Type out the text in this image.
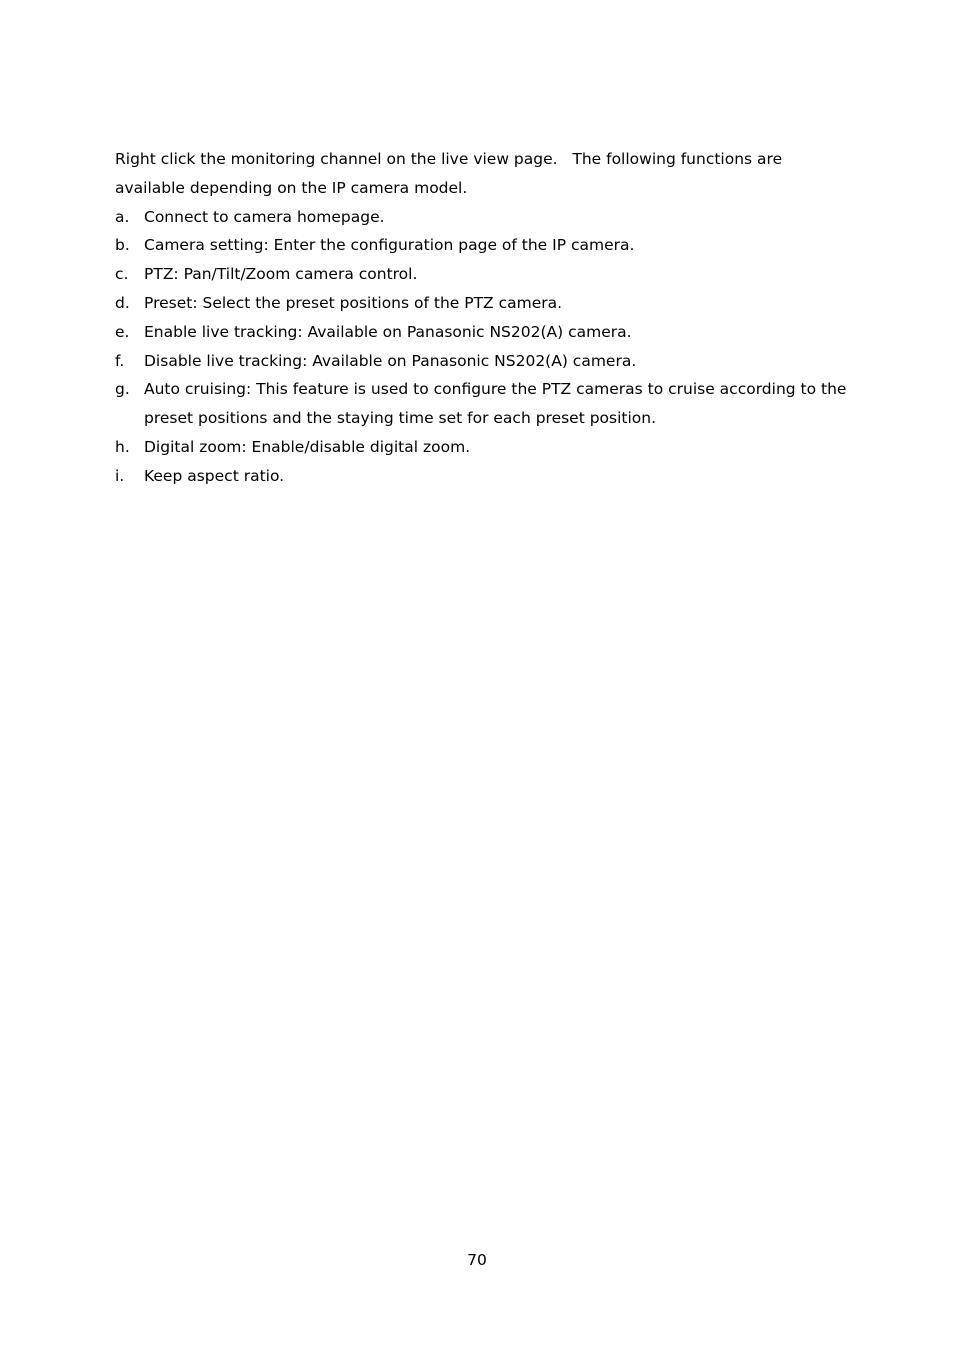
Right click the monitoring channel on the live view page.   The following functions are available depending on the IP camera model.

a. Connect to camera homepage.
b. Camera setting: Enter the configuration page of the IP camera.
c.	PTZ: Pan/Tilt/Zoom camera control.
d. Preset: Select the preset positions of the PTZ camera.
e. Enable live tracking: Available on Panasonic NS202(A) camera.
f.	Disable live tracking: Available on Panasonic NS202(A) camera.
g. Auto cruising: This feature is used to configure the PTZ cameras to cruise according to the preset positions and the staying time set for each preset position.
h. Digital zoom: Enable/disable digital zoom.
i.	Keep aspect ratio.
70
